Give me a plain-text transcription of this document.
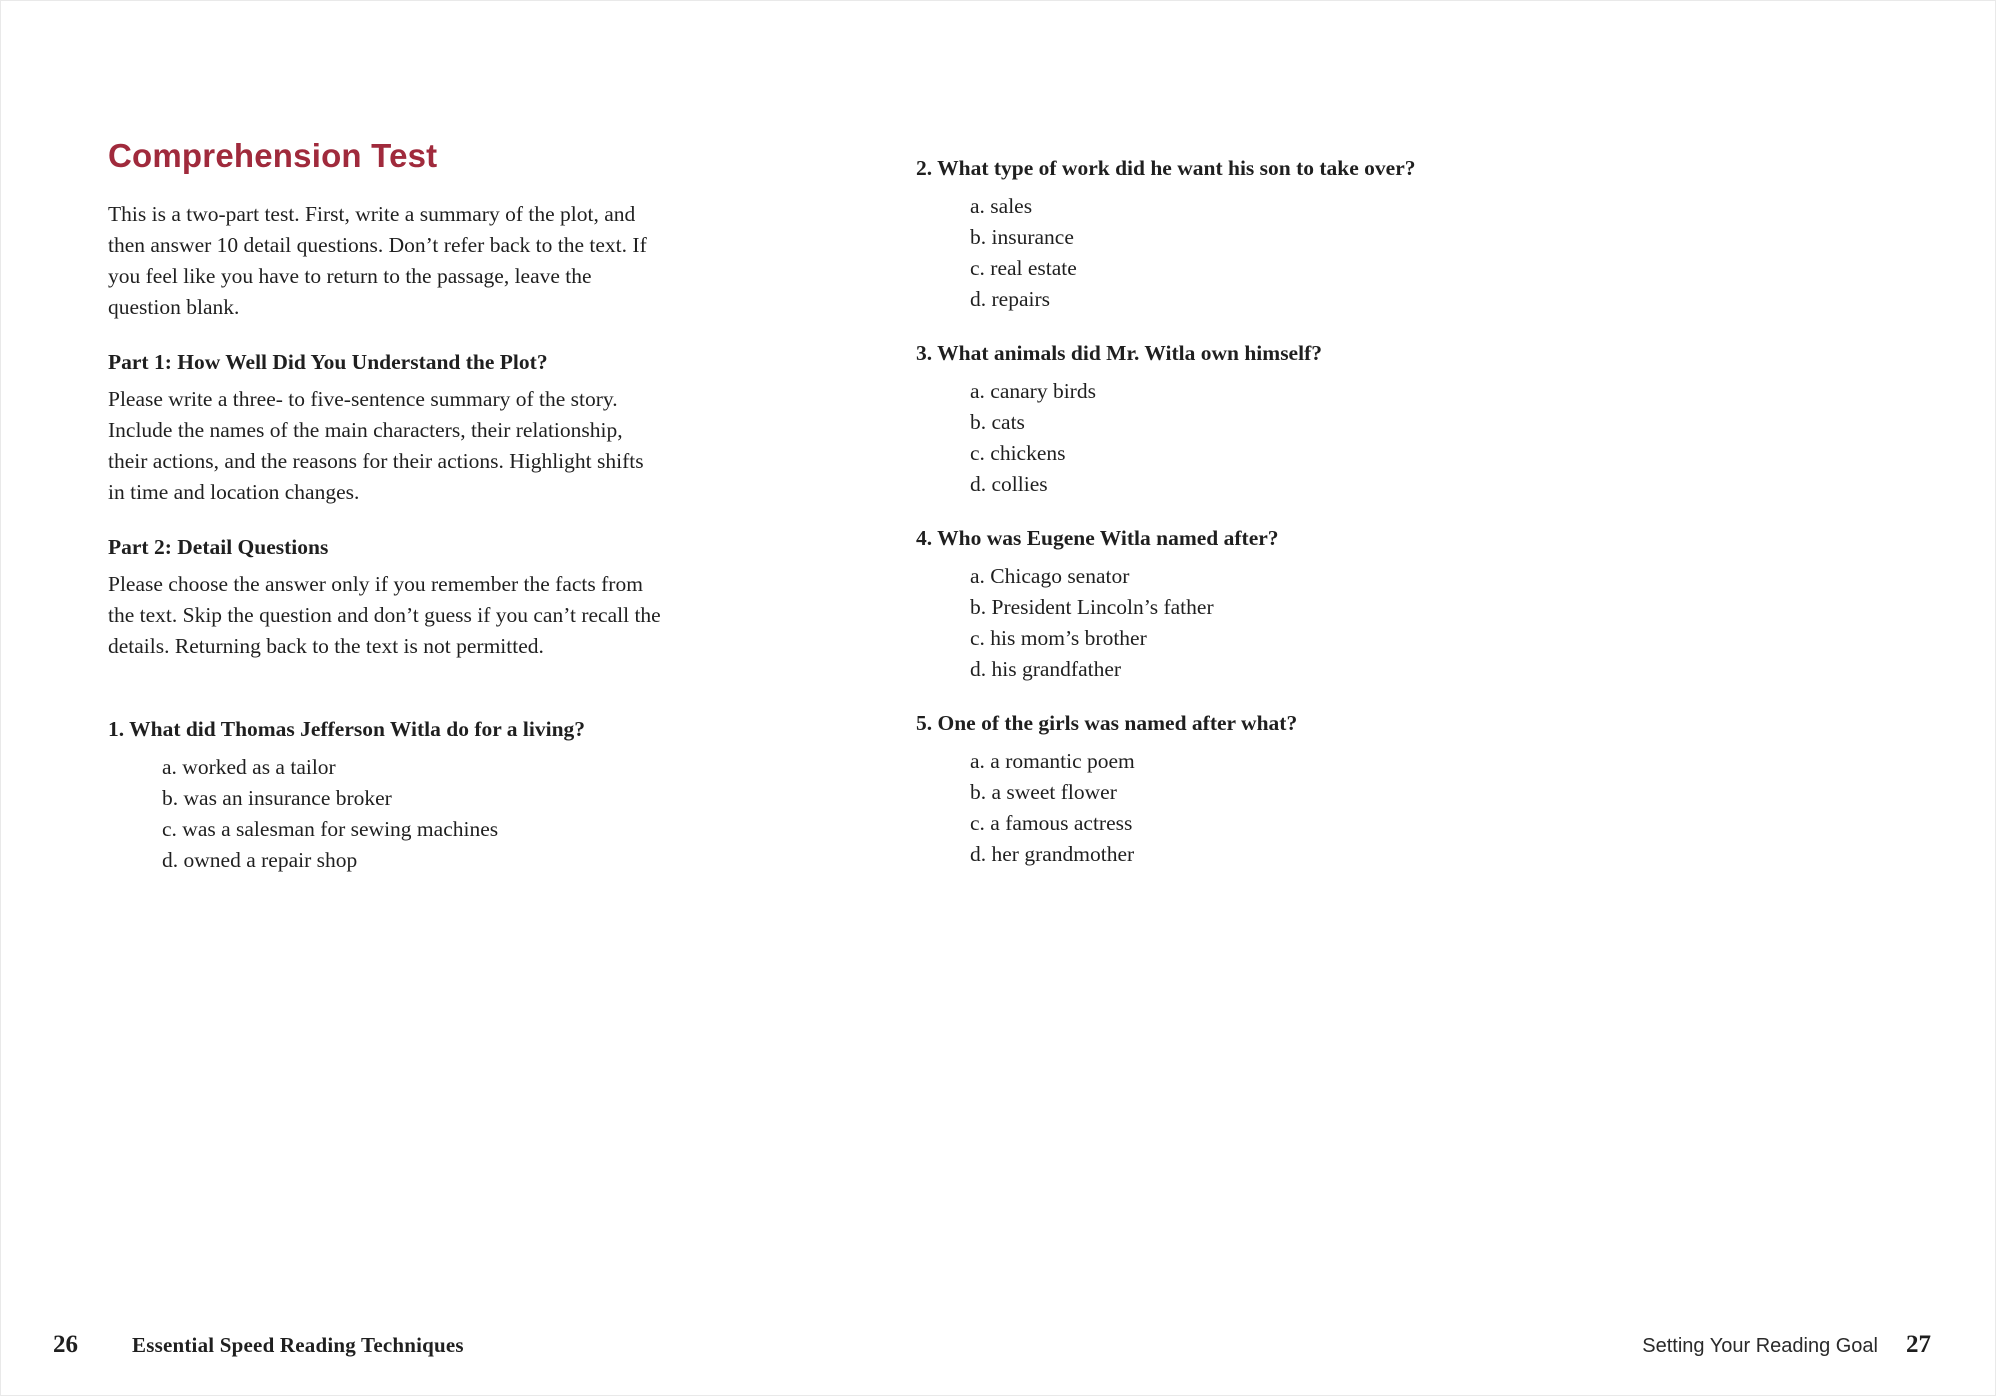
Comprehension Test

This is a two-part test. First, write a summary of the plot, and then answer 10 detail questions. Don’t refer back to the text. If you feel like you have to return to the passage, leave the question blank.

Part 1: How Well Did You Understand the Plot?

Please write a three- to five-sentence summary of the story. Include the names of the main characters, their relationship, their actions, and the reasons for their actions. Highlight shifts in time and location changes.

Part 2: Detail Questions

Please choose the answer only if you remember the facts from the text. Skip the question and don’t guess if you can’t recall the details. Returning back to the text is not permitted.

1. What did Thomas Jefferson Witla do for a living?
a. worked as a tailor
b. was an insurance broker
c. was a salesman for sewing machines
d. owned a repair shop
2. What type of work did he want his son to take over?
a. sales
b. insurance
c. real estate
d. repairs
3. What animals did Mr. Witla own himself?
a. canary birds
b. cats
c. chickens
d. collies
4. Who was Eugene Witla named after?
a. Chicago senator
b. President Lincoln’s father
c. his mom’s brother
d. his grandfather
5. One of the girls was named after what?
a. a romantic poem
b. a sweet flower
c. a famous actress
d. her grandmother
26	Essential Speed Reading Techniques	Setting Your Reading Goal 27
